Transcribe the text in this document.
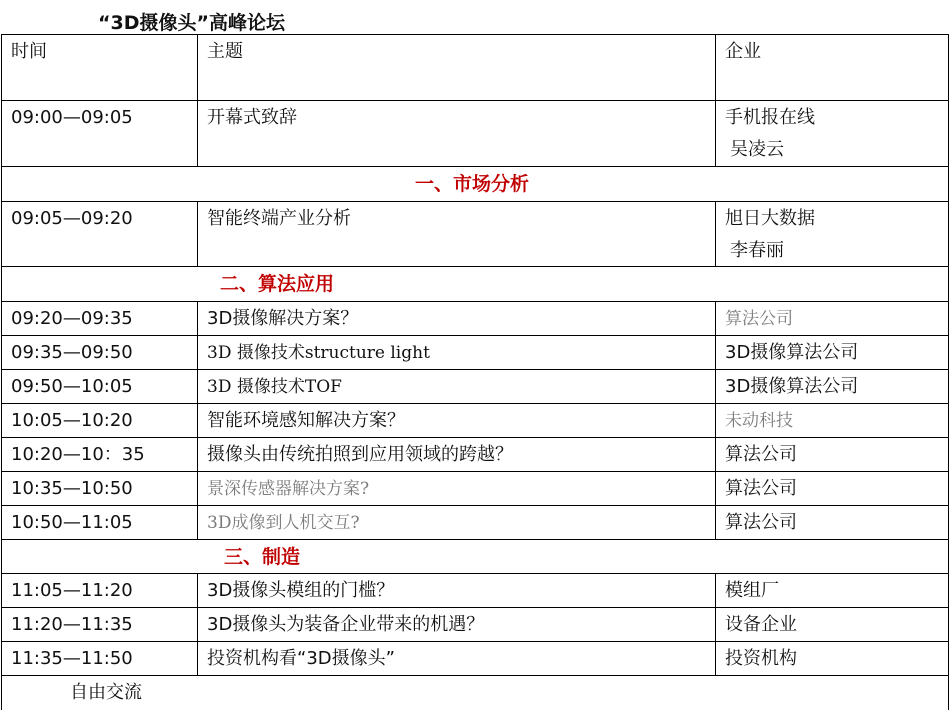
“3D摄像头”高峰论坛
时间	主题	企业
09:00—09:05	开幕式致辞	手机报在线
吴凌云

一、市场分析		
09:05—09:20	智能终端产业分析	旭日大数据
李春丽

二、算法应用		
09:20—09:35	3D摄像解决方案？	算法公司
09:35—09:50	3D 摄像技术structure light	3D摄像算法公司
09:50—10:05	3D 摄像技术TOF	3D摄像算法公司
10:05—10:20	智能环境感知解决方案？	未动科技
10:20—10：35	摄像头由传统拍照到应用领域的跨越？	算法公司
10:35—10:50	景深传感器解决方案?	算法公司
10:50—11:05	3D成像到人机交互?	算法公司
三、制造		
11:05—11:20	3D摄像头模组的门槛？	模组厂
11:20—11:35	3D摄像头为装备企业带来的机遇？	设备企业
11:35—11:50	投资机构看“3D摄像头”	投资机构
自由交流		
